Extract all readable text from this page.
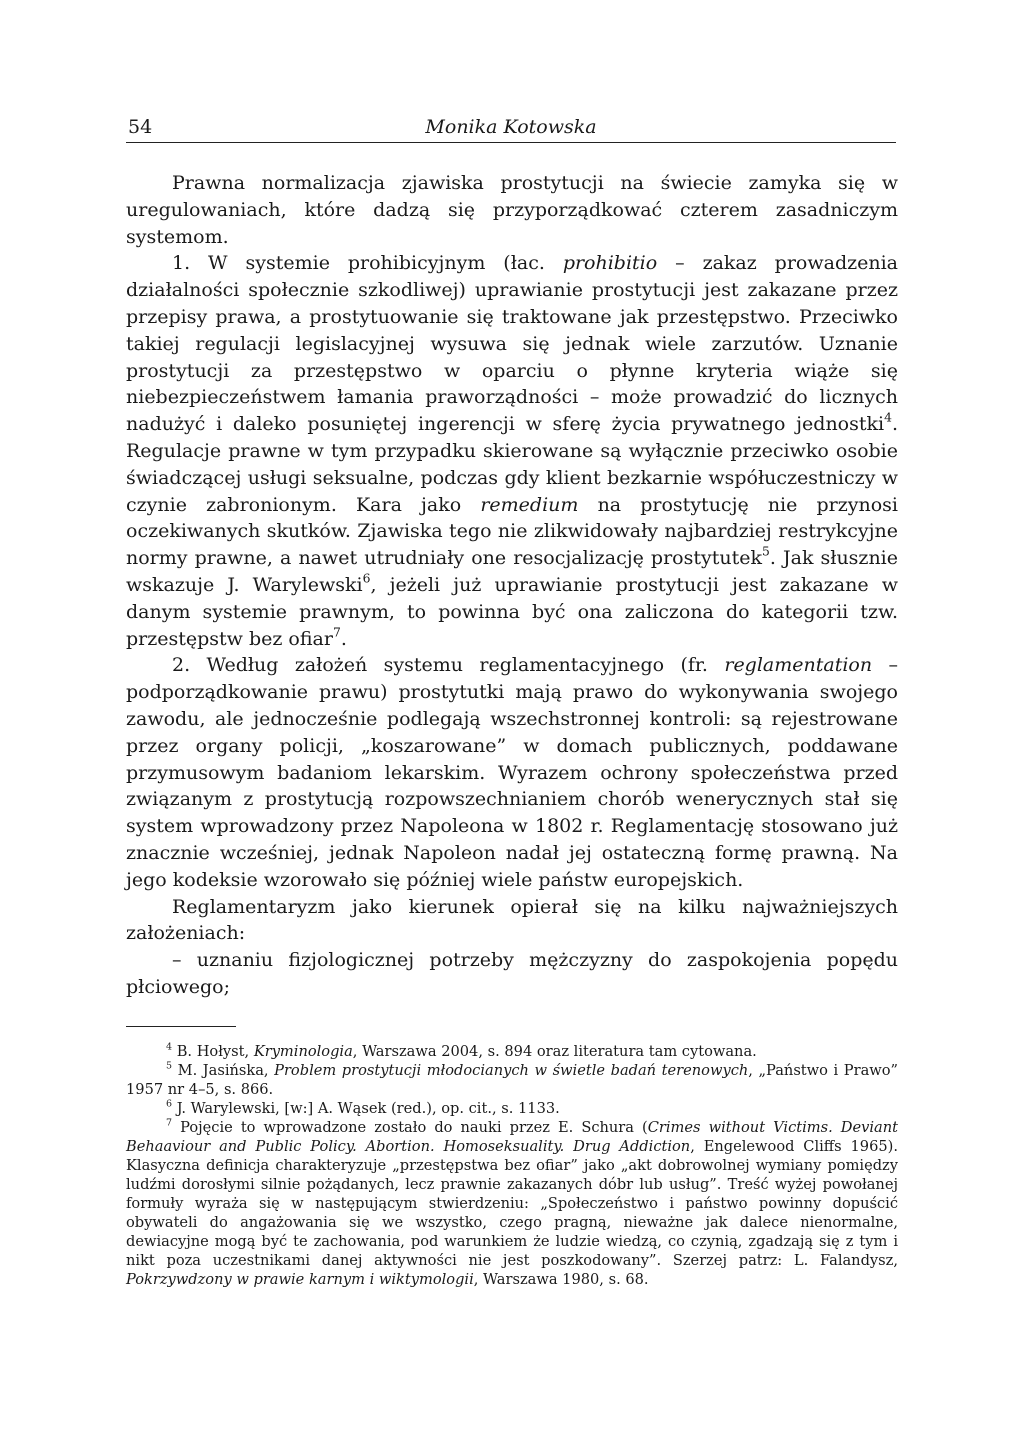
54	Monika Kotowska

Prawna normalizacja zjawiska prostytucji na świecie zamyka się w uregulowaniach, które dadzą się przyporządkować czterem zasadniczym systemom.

1. W systemie prohibicyjnym (łac. prohibitio – zakaz prowadzenia działalności społecznie szkodliwej) uprawianie prostytucji jest zakazane przez przepisy prawa, a prostytuowanie się traktowane jak przestępstwo. Przeciwko takiej regulacji legislacyjnej wysuwa się jednak wiele zarzutów. Uznanie prostytucji za przestępstwo w oparciu o płynne kryteria wiąże się niebezpieczeństwem łamania praworządności – może prowadzić do licznych nadużyć i daleko posuniętej ingerencji w sferę życia prywatnego jednostki$^4$. Regulacje prawne w tym przypadku skierowane są wyłącznie przeciwko osobie świadczącej usługi seksualne, podczas gdy klient bezkarnie współuczestniczy w czynie zabronionym. Kara jako remedium na prostytucję nie przynosi oczekiwanych skutków. Zjawiska tego nie zlikwidowały najbardziej restrykcyjne normy prawne, a nawet utrudniały one resocjalizację prostytutek$^5$. Jak słusznie wskazuje J. Warylewski$^6$, jeżeli już uprawianie prostytucji jest zakazane w danym systemie prawnym, to powinna być ona zaliczona do kategorii tzw. przestępstw bez ofiar$^7$.

2. Według założeń systemu reglamentacyjnego (fr. reglamentation – podporządkowanie prawu) prostytutki mają prawo do wykonywania swojego zawodu, ale jednocześnie podlegają wszechstronnej kontroli: są rejestrowane przez organy policji, „koszarowane” w domach publicznych, poddawane przymusowym badaniom lekarskim. Wyrazem ochrony społeczeństwa przed związanym z prostytucją rozpowszechnianiem chorób wenerycznych stał się system wprowadzony przez Napoleona w 1802 r. Reglamentację stosowano już znacznie wcześniej, jednak Napoleon nadał jej ostateczną formę prawną. Na jego kodeksie wzorowało się później wiele państw europejskich.

Reglamentaryzm jako kierunek opierał się na kilku najważniejszych założeniach:

– uznaniu fizjologicznej potrzeby mężczyzny do zaspokojenia popędu płciowego;

$^4$ B. Hołyst, Kryminologia, Warszawa 2004, s. 894 oraz literatura tam cytowana.

$^5$ M. Jasińska, Problem prostytucji młodocianych w świetle badań terenowych, „Państwo i Prawo” 1957 nr 4–5, s. 866.

$^6$ J. Warylewski, [w:] A. Wąsek (red.), op. cit., s. 1133.

$^7$ Pojęcie to wprowadzone zostało do nauki przez E. Schura (Crimes without Victims. Deviant Behaaviour and Public Policy. Abortion. Homoseksuality. Drug Addiction, Engelewood Cliffs 1965). Klasyczna definicja charakteryzuje „przestępstwa bez ofiar” jako „akt dobrowolnej wymiany pomiędzy ludźmi dorosłymi silnie pożądanych, lecz prawnie zakazanych dóbr lub usług”. Treść wyżej powołanej formuły wyraża się w następującym stwierdzeniu: „Społeczeństwo i państwo powinny dopuścić obywateli do angażowania się we wszystko, czego pragną, nieważne jak dalece nienormalne, dewiacyjne mogą być te zachowania, pod warunkiem że ludzie wiedzą, co czynią, zgadzają się z tym i nikt poza uczestnikami danej aktywności nie jest poszkodowany”. Szerzej patrz: L. Falandysz, Pokrzywdzony w prawie karnym i wiktymologii, Warszawa 1980, s. 68.
